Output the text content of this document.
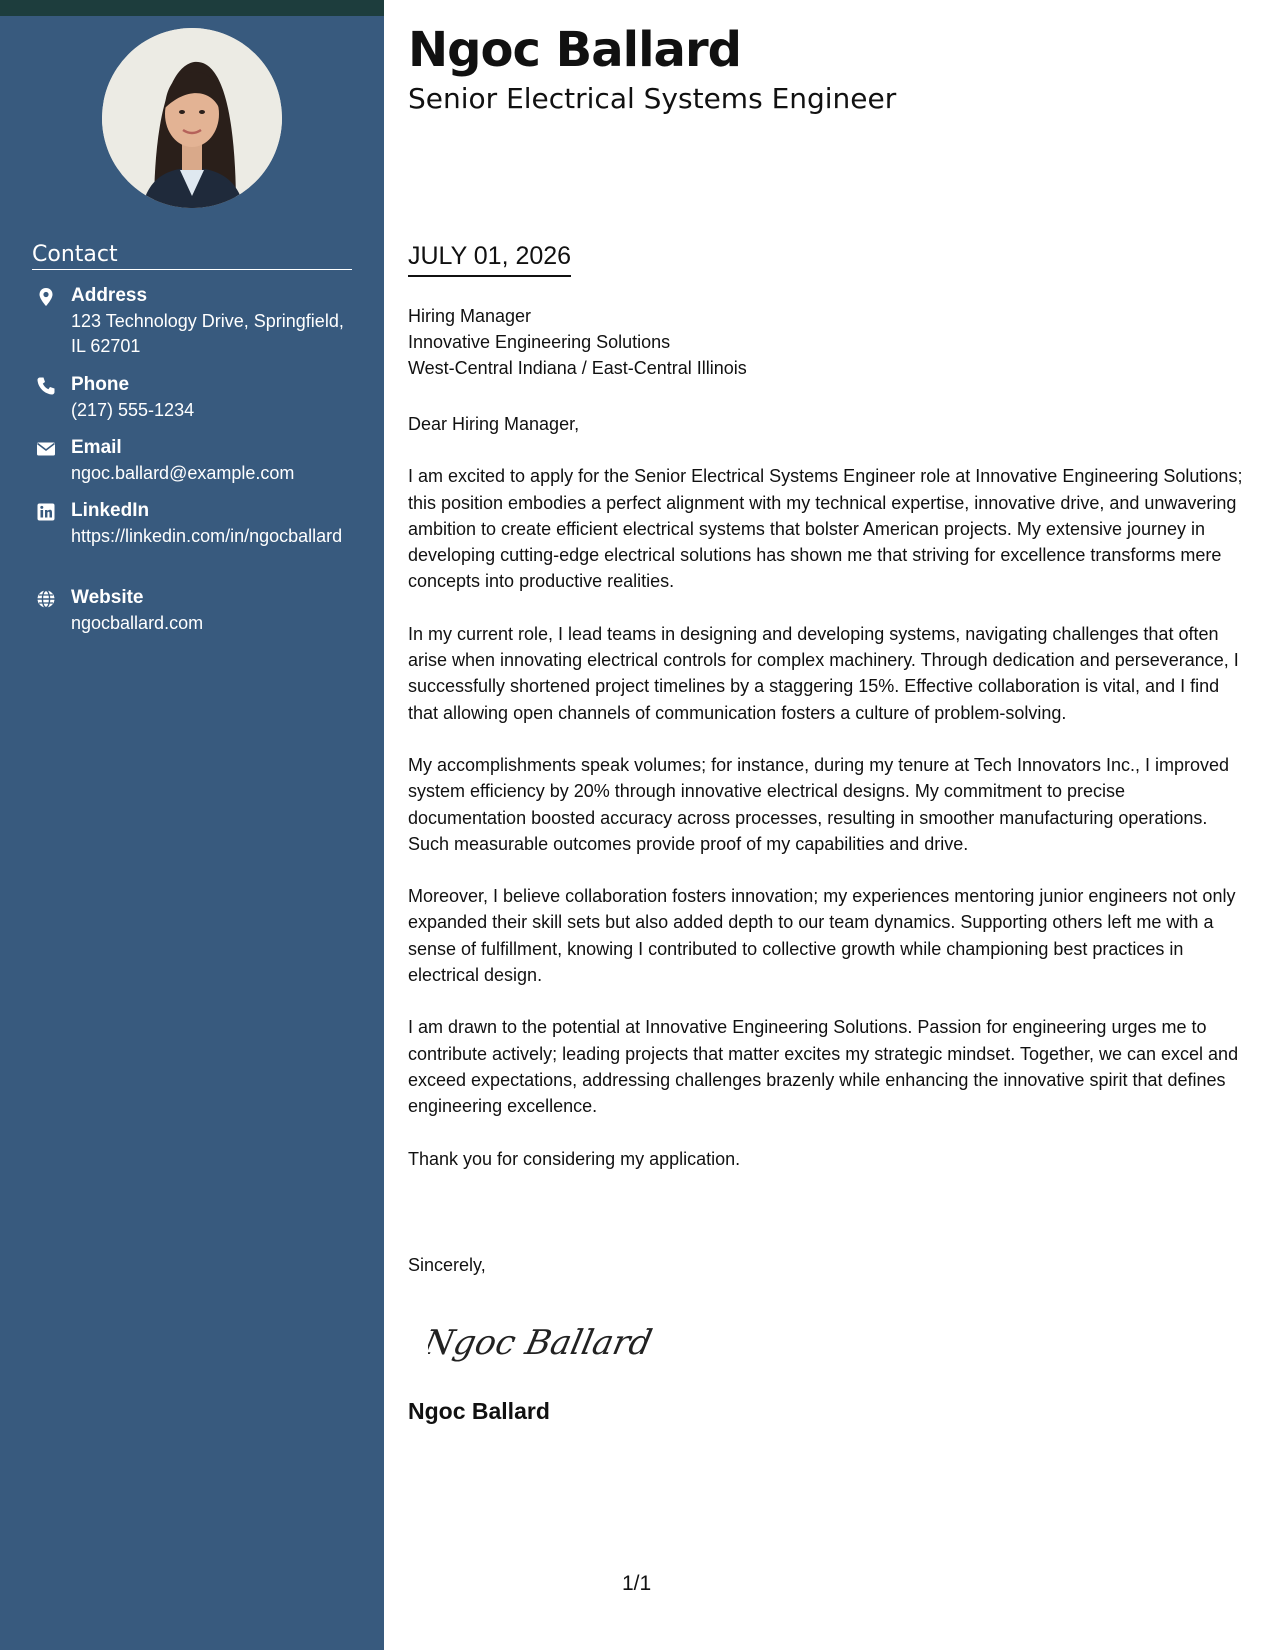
Contact
Address
123 Technology Drive, Springfield, IL 62701
Phone
(217) 555-1234
Email
ngoc.ballard@example.com
LinkedIn
https://linkedin.com/in/ngocballard
Website
ngocballard.com
Ngoc Ballard
Senior Electrical Systems Engineer
JULY 01, 2026
Hiring Manager
Innovative Engineering Solutions
West-Central Indiana / East-Central Illinois

Dear Hiring Manager,

I am excited to apply for the Senior Electrical Systems Engineer role at Innovative Engineering Solutions; this position embodies a perfect alignment with my technical expertise, innovative drive, and unwavering ambition to create efficient electrical systems that bolster American projects. My extensive journey in developing cutting-edge electrical solutions has shown me that striving for excellence transforms mere concepts into productive realities.

In my current role, I lead teams in designing and developing systems, navigating challenges that often arise when innovating electrical controls for complex machinery. Through dedication and perseverance, I successfully shortened project timelines by a staggering 15%. Effective collaboration is vital, and I find that allowing open channels of communication fosters a culture of problem-solving.

My accomplishments speak volumes; for instance, during my tenure at Tech Innovators Inc., I improved system efficiency by 20% through innovative electrical designs. My commitment to precise documentation boosted accuracy across processes, resulting in smoother manufacturing operations. Such measurable outcomes provide proof of my capabilities and drive.

Moreover, I believe collaboration fosters innovation; my experiences mentoring junior engineers not only expanded their skill sets but also added depth to our team dynamics. Supporting others left me with a sense of fulfillment, knowing I contributed to collective growth while championing best practices in electrical design.

I am drawn to the potential at Innovative Engineering Solutions. Passion for engineering urges me to contribute actively; leading projects that matter excites my strategic mindset. Together, we can excel and exceed expectations, addressing challenges brazenly while enhancing the innovative spirit that defines engineering excellence.

Thank you for considering my application.

Sincerely,
Ngoc Ballard
Ngoc Ballard
1/1
